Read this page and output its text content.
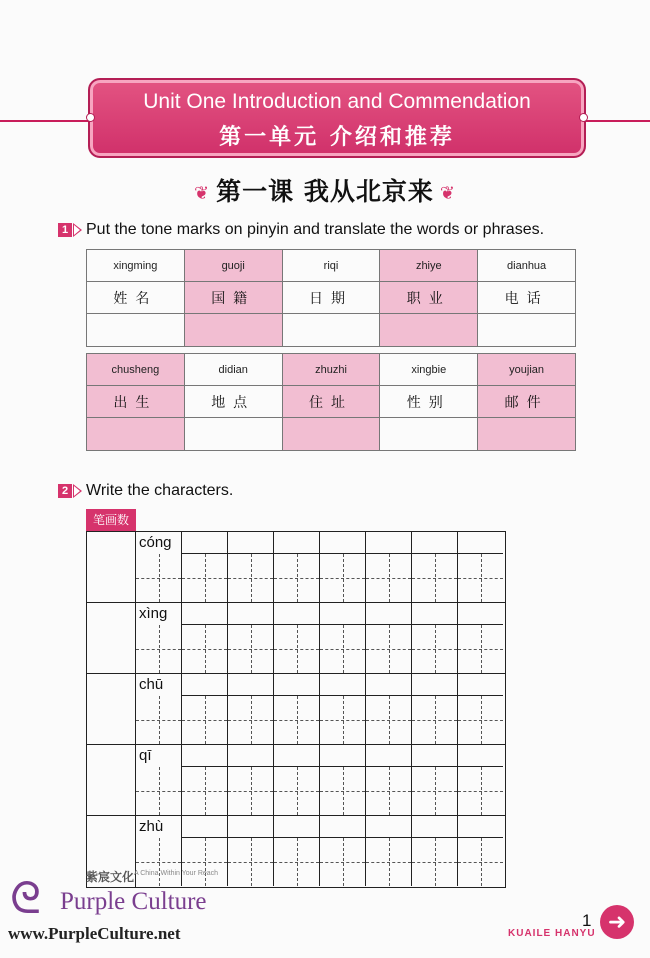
Unit One Introduction and Commendation
第一单元 介绍和推荐
❦ 第一课 我从北京来 ❦
1 Put the tone marks on pinyin and translate the words or phrases.
xingming	guoji	riqi	zhiye	dianhua
姓名	国籍	日期	职业	电话

chusheng	didian	zhuzhi	xingbie	youjian
出生	地点	住址	性别	邮件

2 Write the characters.
笔画数
cóng
xìng
chū
qī
zhù
ᘓ	紫宸文化 A China Within Your Reach
Purple Culture
www.PurpleCulture.net
1
KUAILE HANYU ➜
